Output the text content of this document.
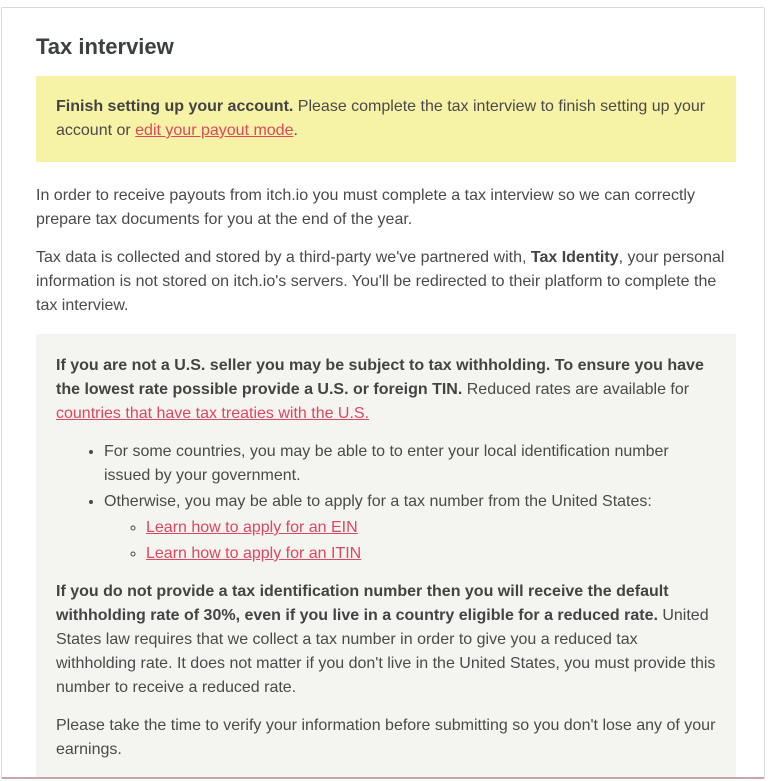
Tax interview
Finish setting up your account. Please complete the tax interview to finish setting up your account or edit your payout mode.

In order to receive payouts from itch.io you must complete a tax interview so we can correctly prepare tax documents for you at the end of the year.

Tax data is collected and stored by a third-party we've partnered with, Tax Identity, your personal information is not stored on itch.io's servers. You'll be redirected to their platform to complete the tax interview.

If you are not a U.S. seller you may be subject to tax withholding. To ensure you have the lowest rate possible provide a U.S. or foreign TIN. Reduced rates are available for countries that have tax treaties with the U.S.

• For some countries, you may be able to to enter your local identification number issued by your government.
• Otherwise, you may be able to apply for a tax number from the United States:
◦ Learn how to apply for an EIN
◦ Learn how to apply for an ITIN

If you do not provide a tax identification number then you will receive the default withholding rate of 30%, even if you live in a country eligible for a reduced rate. United States law requires that we collect a tax number in order to give you a reduced tax withholding rate. It does not matter if you don't live in the United States, you must provide this number to receive a reduced rate.

Please take the time to verify your information before submitting so you don't lose any of your earnings.
